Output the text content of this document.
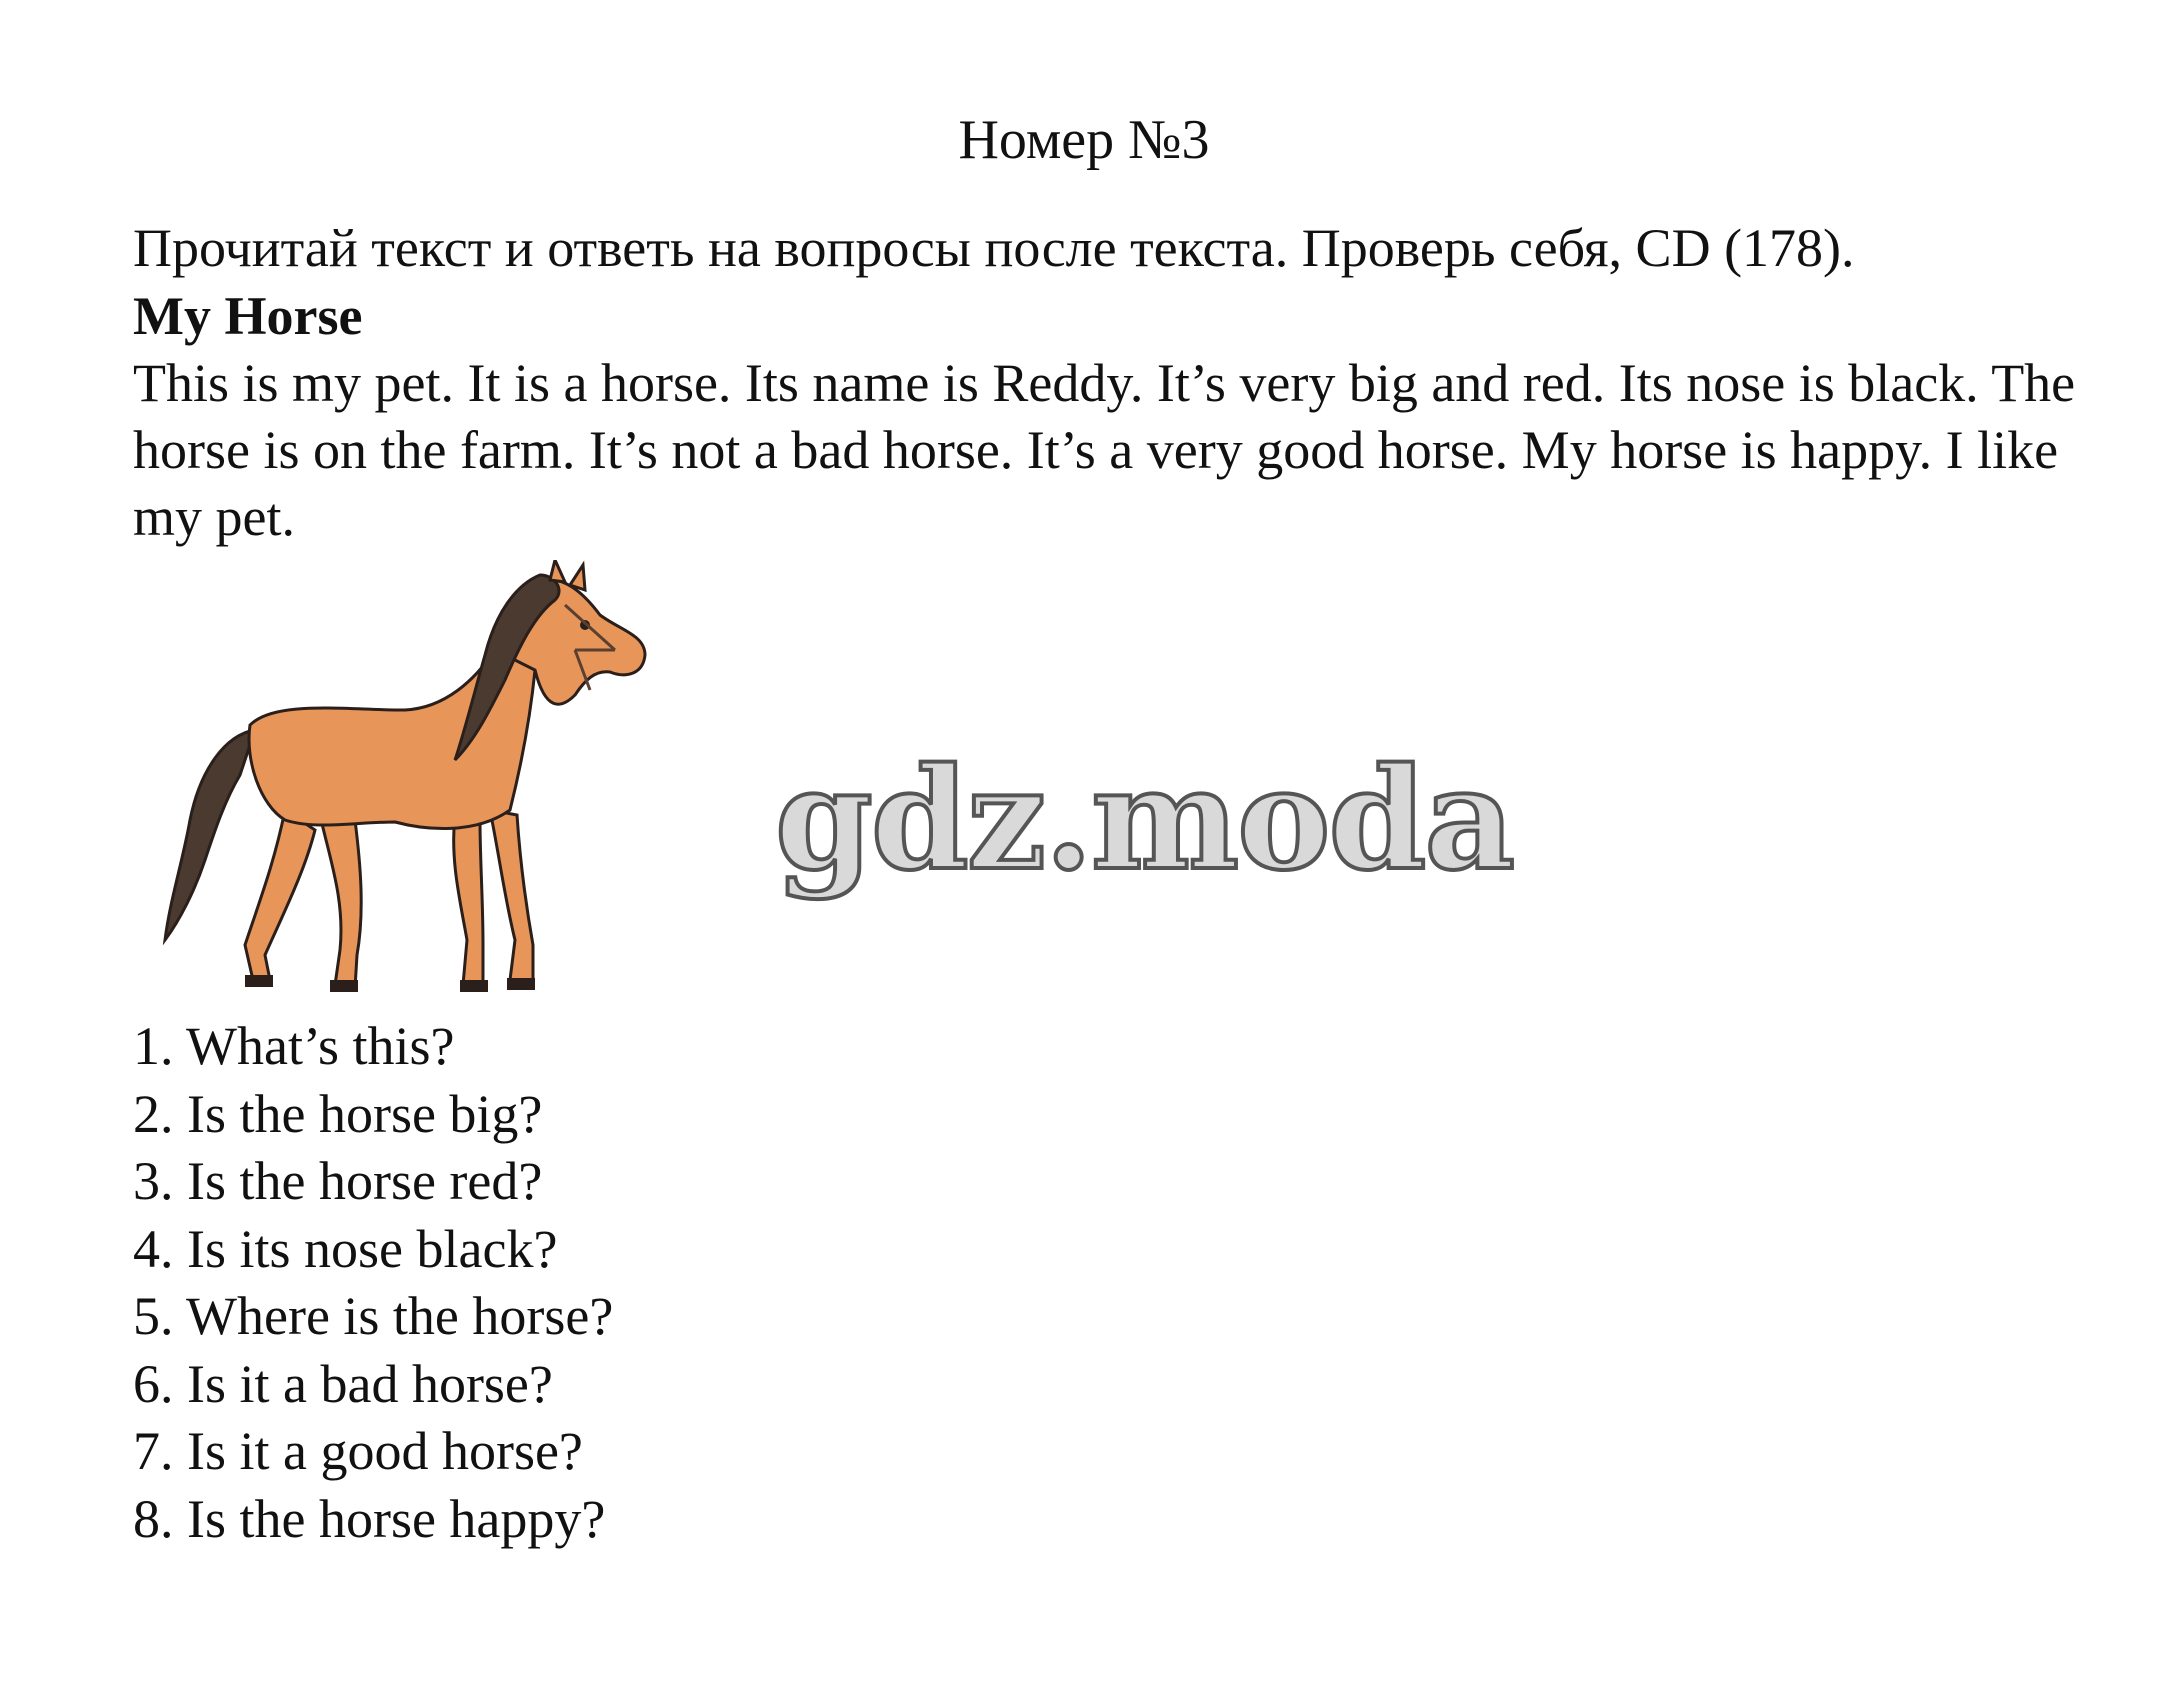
Номер №3

Прочитай текст и ответь на вопросы после текста. Проверь себя, CD (178).

My Horse

This is my pet. It is a horse. Its name is Reddy. It’s very big and red. Its nose is black. The horse is on the farm. It’s not a bad horse. It’s a very good horse. My horse is happy. I like my pet.

gdz.moda
1. What’s this?
2. Is the horse big?
3. Is the horse red?
4. Is its nose black?
5. Where is the horse?
6. Is it a bad horse?
7. Is it a good horse?
8. Is the horse happy?
